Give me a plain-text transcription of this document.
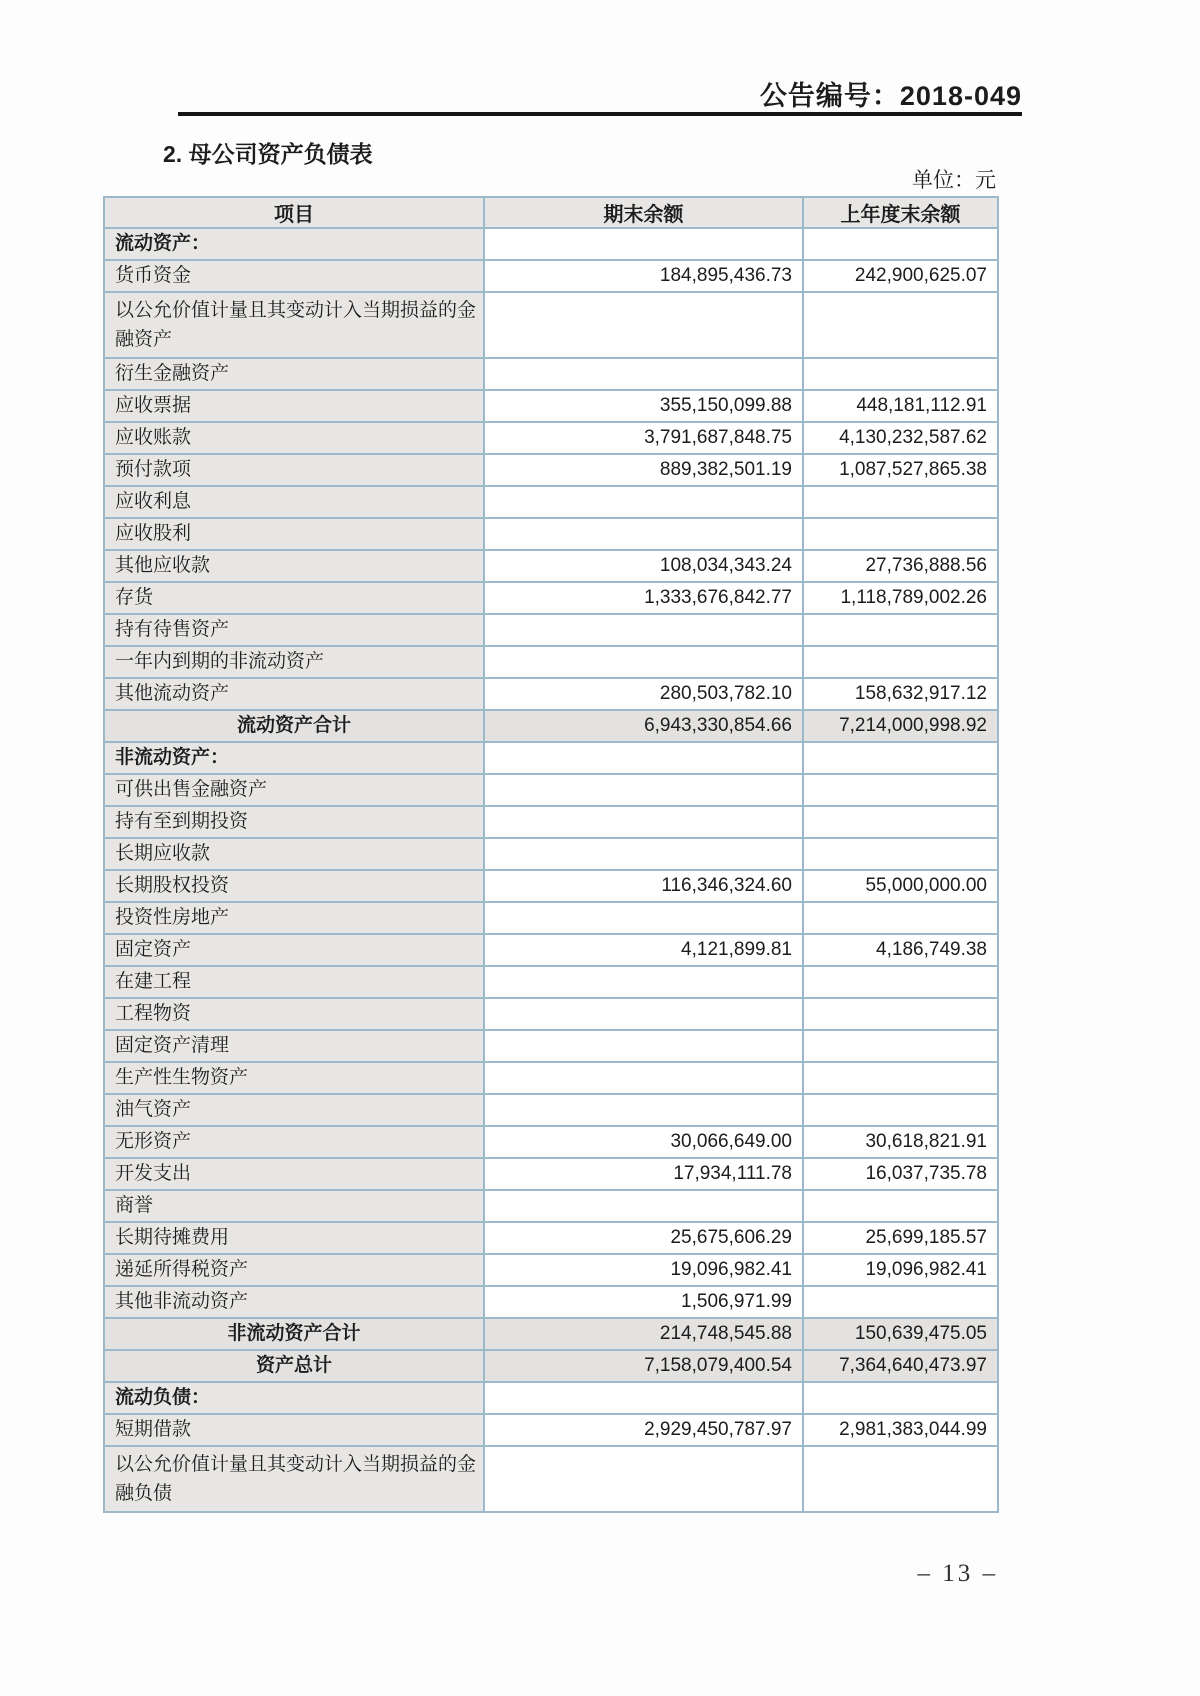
公告编号：2018-049
2. 母公司资产负债表
单位：元
项目	期末余额	上年度末余额
流动资产：		
货币资金	184,895,436.73	242,900,625.07
以公允价值计量且其变动计入当期损益的金融资产		
衍生金融资产		
应收票据	355,150,099.88	448,181,112.91
应收账款	3,791,687,848.75	4,130,232,587.62
预付款项	889,382,501.19	1,087,527,865.38
应收利息		
应收股利		
其他应收款	108,034,343.24	27,736,888.56
存货	1,333,676,842.77	1,118,789,002.26
持有待售资产		
一年内到期的非流动资产		
其他流动资产	280,503,782.10	158,632,917.12
流动资产合计	6,943,330,854.66	7,214,000,998.92
非流动资产：		
可供出售金融资产		
持有至到期投资		
长期应收款		
长期股权投资	116,346,324.60	55,000,000.00
投资性房地产		
固定资产	4,121,899.81	4,186,749.38
在建工程		
工程物资		
固定资产清理		
生产性生物资产		
油气资产		
无形资产	30,066,649.00	30,618,821.91
开发支出	17,934,111.78	16,037,735.78
商誉		
长期待摊费用	25,675,606.29	25,699,185.57
递延所得税资产	19,096,982.41	19,096,982.41
其他非流动资产	1,506,971.99	
非流动资产合计	214,748,545.88	150,639,475.05
资产总计	7,158,079,400.54	7,364,640,473.97
流动负债：		
短期借款	2,929,450,787.97	2,981,383,044.99
以公允价值计量且其变动计入当期损益的金融负债		
– 13 –
